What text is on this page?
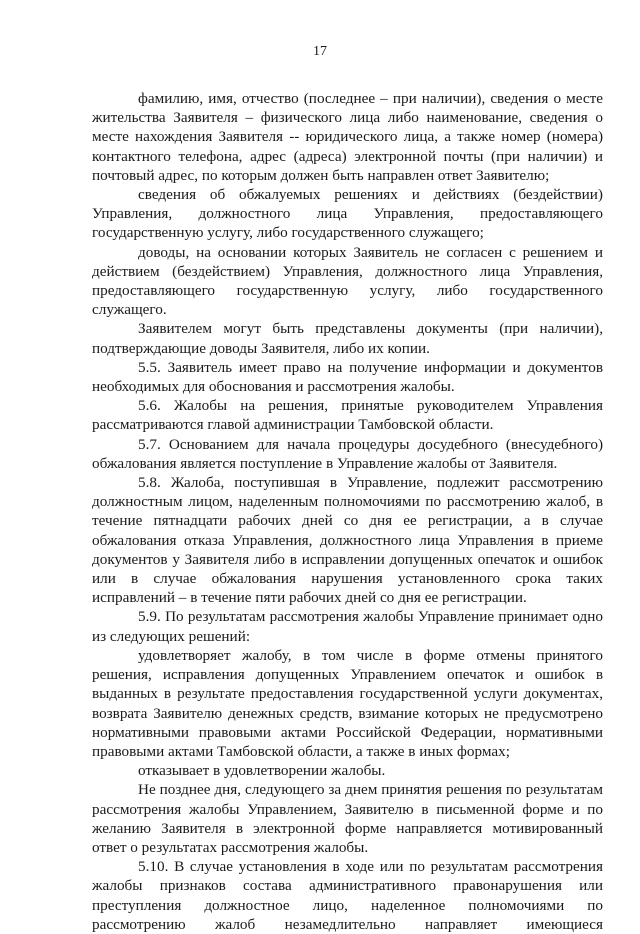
17

фамилию, имя, отчество (последнее – при наличии), сведения о месте жительства Заявителя – физического лица либо наименование, сведения о месте нахождения Заявителя -- юридического лица, а также номер (номера) контактного телефона, адрес (адреса) электронной почты (при наличии) и почтовый адрес, по которым должен быть направлен ответ Заявителю;

сведения об обжалуемых решениях и действиях (бездействии) Управления, должностного лица Управления, предоставляющего государственную услугу, либо государственного служащего;

доводы, на основании которых Заявитель не согласен с решением и действием (бездействием) Управления, должностного лица Управления, предоставляющего государственную услугу, либо государственного служащего.

Заявителем могут быть представлены документы (при наличии), подтверждающие доводы Заявителя, либо их копии.

5.5. Заявитель имеет право на получение информации и документов необходимых для обоснования и рассмотрения жалобы.

5.6. Жалобы на решения, принятые руководителем Управления рассматриваются главой администрации Тамбовской области.

5.7. Основанием для начала процедуры досудебного (внесудебного) обжалования является поступление в Управление жалобы от Заявителя.

5.8. Жалоба, поступившая в Управление, подлежит рассмотрению должностным лицом, наделенным полномочиями по рассмотрению жалоб, в течение пятнадцати рабочих дней со дня ее регистрации, а в случае обжалования отказа Управления, должностного лица Управления в приеме документов у Заявителя либо в исправлении допущенных опечаток и ошибок или в случае обжалования нарушения установленного срока таких исправлений – в течение пяти рабочих дней со дня ее регистрации.

5.9. По результатам рассмотрения жалобы Управление принимает одно из следующих решений:

удовлетворяет жалобу, в том числе в форме отмены принятого решения, исправления допущенных Управлением опечаток и ошибок в выданных в результате предоставления государственной услуги документах, возврата Заявителю денежных средств, взимание которых не предусмотрено нормативными правовыми актами Российской Федерации, нормативными правовыми актами Тамбовской области, а также в иных формах;

отказывает в удовлетворении жалобы.

Не позднее дня, следующего за днем принятия решения по результатам рассмотрения жалобы Управлением, Заявителю в письменной форме и по желанию Заявителя в электронной форме направляется мотивированный ответ о результатах рассмотрения жалобы.

5.10. В случае установления в ходе или по результатам рассмотрения жалобы признаков состава административного правонарушения или преступления должностное лицо, наделенное полномочиями по рассмотрению жалоб незамедлительно направляет имеющиеся
